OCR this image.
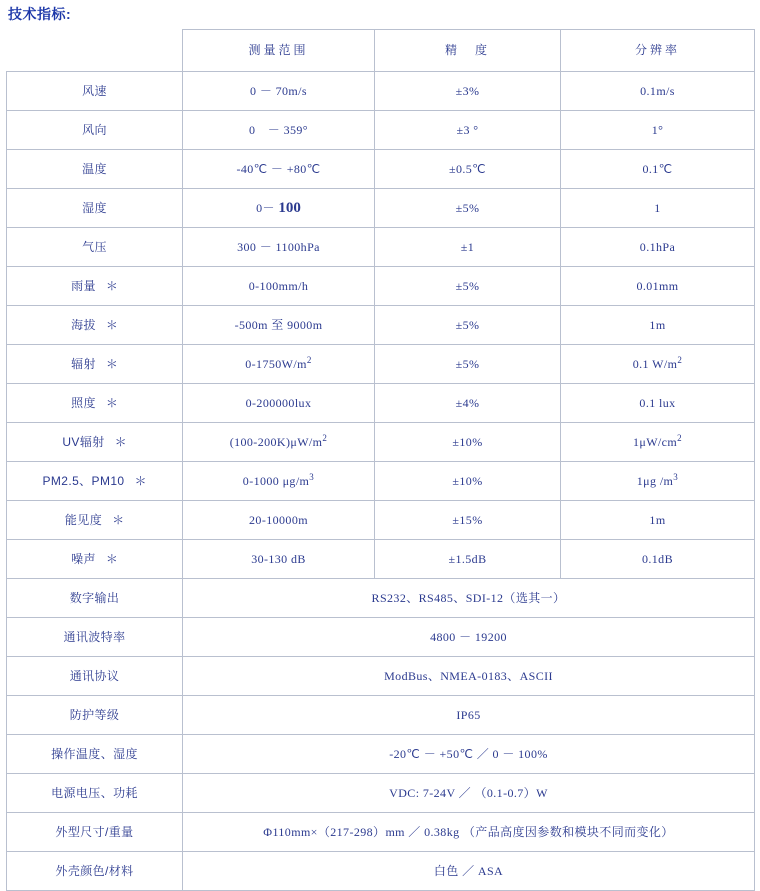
技术指标:
	测量范围	精　度	分辨率
风速	0 － 70m/s	±3%	0.1m/s
风向	0　－ 359°	±3 °	1°
温度	-40℃ － +80℃	±0.5℃	0.1℃
湿度	0－ 100	±5%	1
气压	300 － 1100hPa	±1	0.1hPa
雨量 ＊	0-100mm/h	±5%	0.01mm
海拔 ＊	-500m 至 9000m	±5%	1m
辐射 ＊	$0-1750W/m^2$	±5%	0.1 $W/m^2$
照度 ＊	0-200000lux	±4%	0.1 lux
UV辐射 ＊	$(100-200K)\mu W/m^2$	±10%	$1\mu W/cm^2$
PM2.5、PM10 ＊	0-1000 $\mu g/m^3$	±10%	1μg $/m^3$
能见度 ＊	20-10000m	±15%	1m
噪声 ＊	30-130 dB	±1.5dB	0.1dB
数字输出	RS232、RS485、SDI-12（选其一）		
通讯波特率	4800 － 19200		
通讯协议	ModBus、NMEA-0183、ASCII		
防护等级	IP65		
操作温度、湿度	-20℃ － +50℃ ／ 0 － 100%		
电源电压、功耗	VDC: 7-24V ／ （0.1-0.7）W		
外型尺寸/重量	Φ110mm×（217-298）mm ／ 0.38kg （产品高度因参数和模块不同而变化）		
外壳颜色/材料	白色 ／ ASA		
